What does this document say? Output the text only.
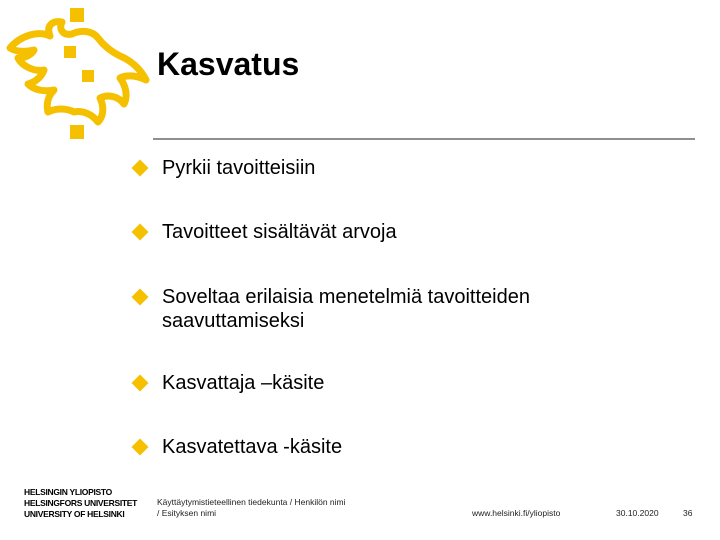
Kasvatus
Pyrkii tavoitteisiin
Tavoitteet sisältävät arvoja
Soveltaa erilaisia menetelmiä tavoitteiden saavuttamiseksi
Kasvattaja –käsite
Kasvatettava -käsite
HELSINGIN YLIOPISTO
HELSINGFORS UNIVERSITET
UNIVERSITY OF HELSINKI
Käyttäytymistieteellinen tiedekunta / Henkilön nimi
/ Esityksen nimi	www.helsinki.fi/yliopisto	30.10.2020	36
